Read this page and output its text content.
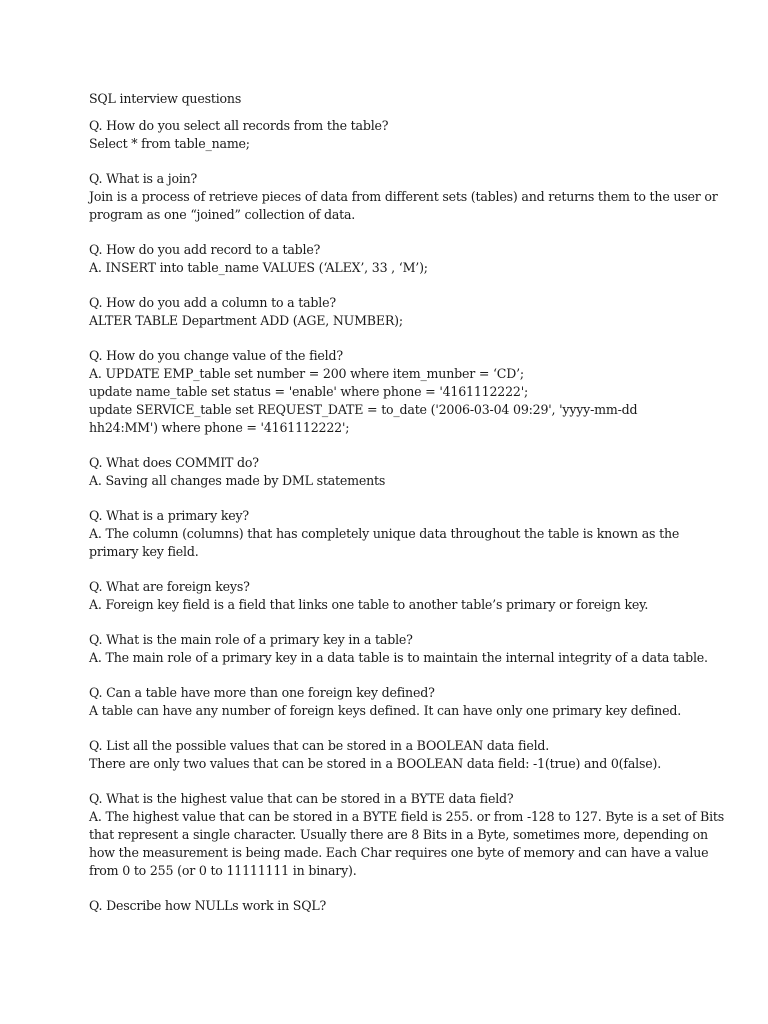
SQL interview questions
Q. How do you select all records from the table?
Select * from table_name;
Q. What is a join?
Join is a process of retrieve pieces of data from different sets (tables) and returns them to the user or
program as one “joined” collection of data.
Q. How do you add record to a table?
A. INSERT into table_name VALUES (‘ALEX’, 33 , ‘M’);
Q. How do you add a column to a table?
ALTER TABLE Department ADD (AGE, NUMBER);
Q. How do you change value of the field?
A. UPDATE EMP_table set number = 200 where item_munber = ‘CD’;
update name_table set status = 'enable' where phone = '4161112222';
update SERVICE_table set REQUEST_DATE = to_date ('2006-03-04 09:29', 'yyyy-mm-dd
hh24:MM') where phone = '4161112222';
Q. What does COMMIT do?
A. Saving all changes made by DML statements
Q. What is a primary key?
A. The column (columns) that has completely unique data throughout the table is known as the
primary key field.
Q. What are foreign keys?
A. Foreign key field is a field that links one table to another table’s primary or foreign key.
Q. What is the main role of a primary key in a table?
A. The main role of a primary key in a data table is to maintain the internal integrity of a data table.
Q. Can a table have more than one foreign key defined?
A table can have any number of foreign keys defined. It can have only one primary key defined.
Q. List all the possible values that can be stored in a BOOLEAN data field.
There are only two values that can be stored in a BOOLEAN data field: -1(true) and 0(false).
Q. What is the highest value that can be stored in a BYTE data field?
A. The highest value that can be stored in a BYTE field is 255. or from -128 to 127. Byte is a set of Bits
that represent a single character. Usually there are 8 Bits in a Byte, sometimes more, depending on
how the measurement is being made. Each Char requires one byte of memory and can have a value
from 0 to 255 (or 0 to 11111111 in binary).
Q. Describe how NULLs work in SQL?
